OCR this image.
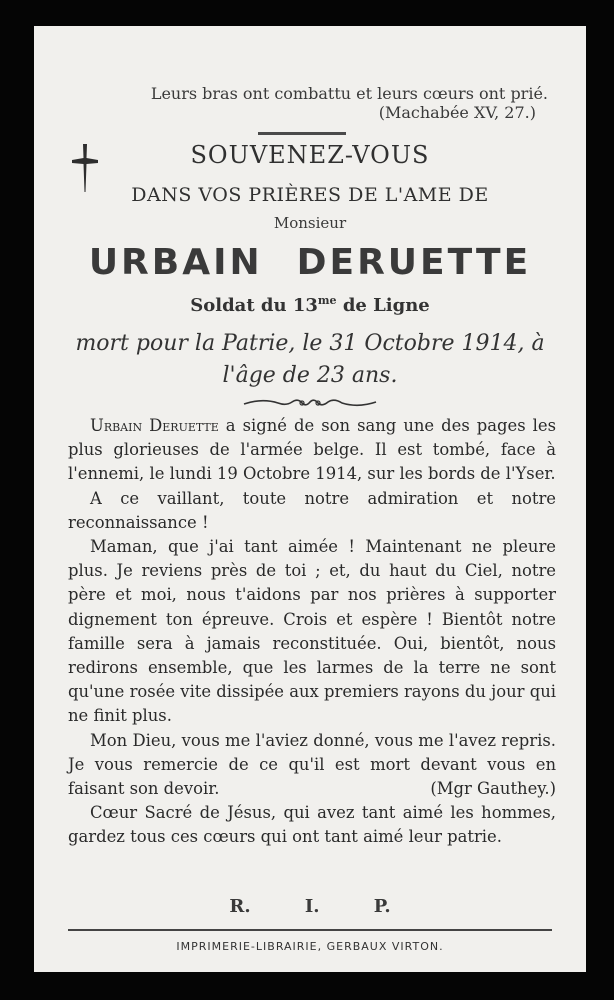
Leurs bras ont combattu et leurs cœurs ont prié.
(Machabée XV, 27.)
SOUVENEZ-VOUS
DANS VOS PRIÈRES DE L'AME DE
Monsieur
URBAIN DERUETTE
Soldat du $13^{me}$ de Ligne
mort pour la Patrie, le 31 Octobre 1914, à
l'âge de 23 ans.

Urbain Deruette a signé de son sang une des pages les plus glorieuses de l'armée belge. Il est tombé, face à l'ennemi, le lundi 19 Octobre 1914, sur les bords de l'Yser.

A ce vaillant, toute notre admiration et notre reconnaissance !

Maman, que j'ai tant aimée ! Maintenant ne pleure plus. Je reviens près de toi ; et, du haut du Ciel, notre père et moi, nous t'aidons par nos prières à supporter dignement ton épreuve. Crois et espère ! Bientôt notre famille sera à jamais reconstituée. Oui, bientôt, nous redirons ensemble, que les larmes de la terre ne sont qu'une rosée vite dissipée aux premiers rayons du jour qui ne finit plus.

Mon Dieu, vous me l'aviez donné, vous me l'avez repris. Je vous remercie de ce qu'il est mort devant vous en faisant son devoir.	(Mgr Gauthey.)

Cœur Sacré de Jésus, qui avez tant aimé les hommes, gardez tous ces cœurs qui ont tant aimé leur patrie.

R. I. P.
IMPRIMERIE-LIBRAIRIE, GERBAUX VIRTON.
